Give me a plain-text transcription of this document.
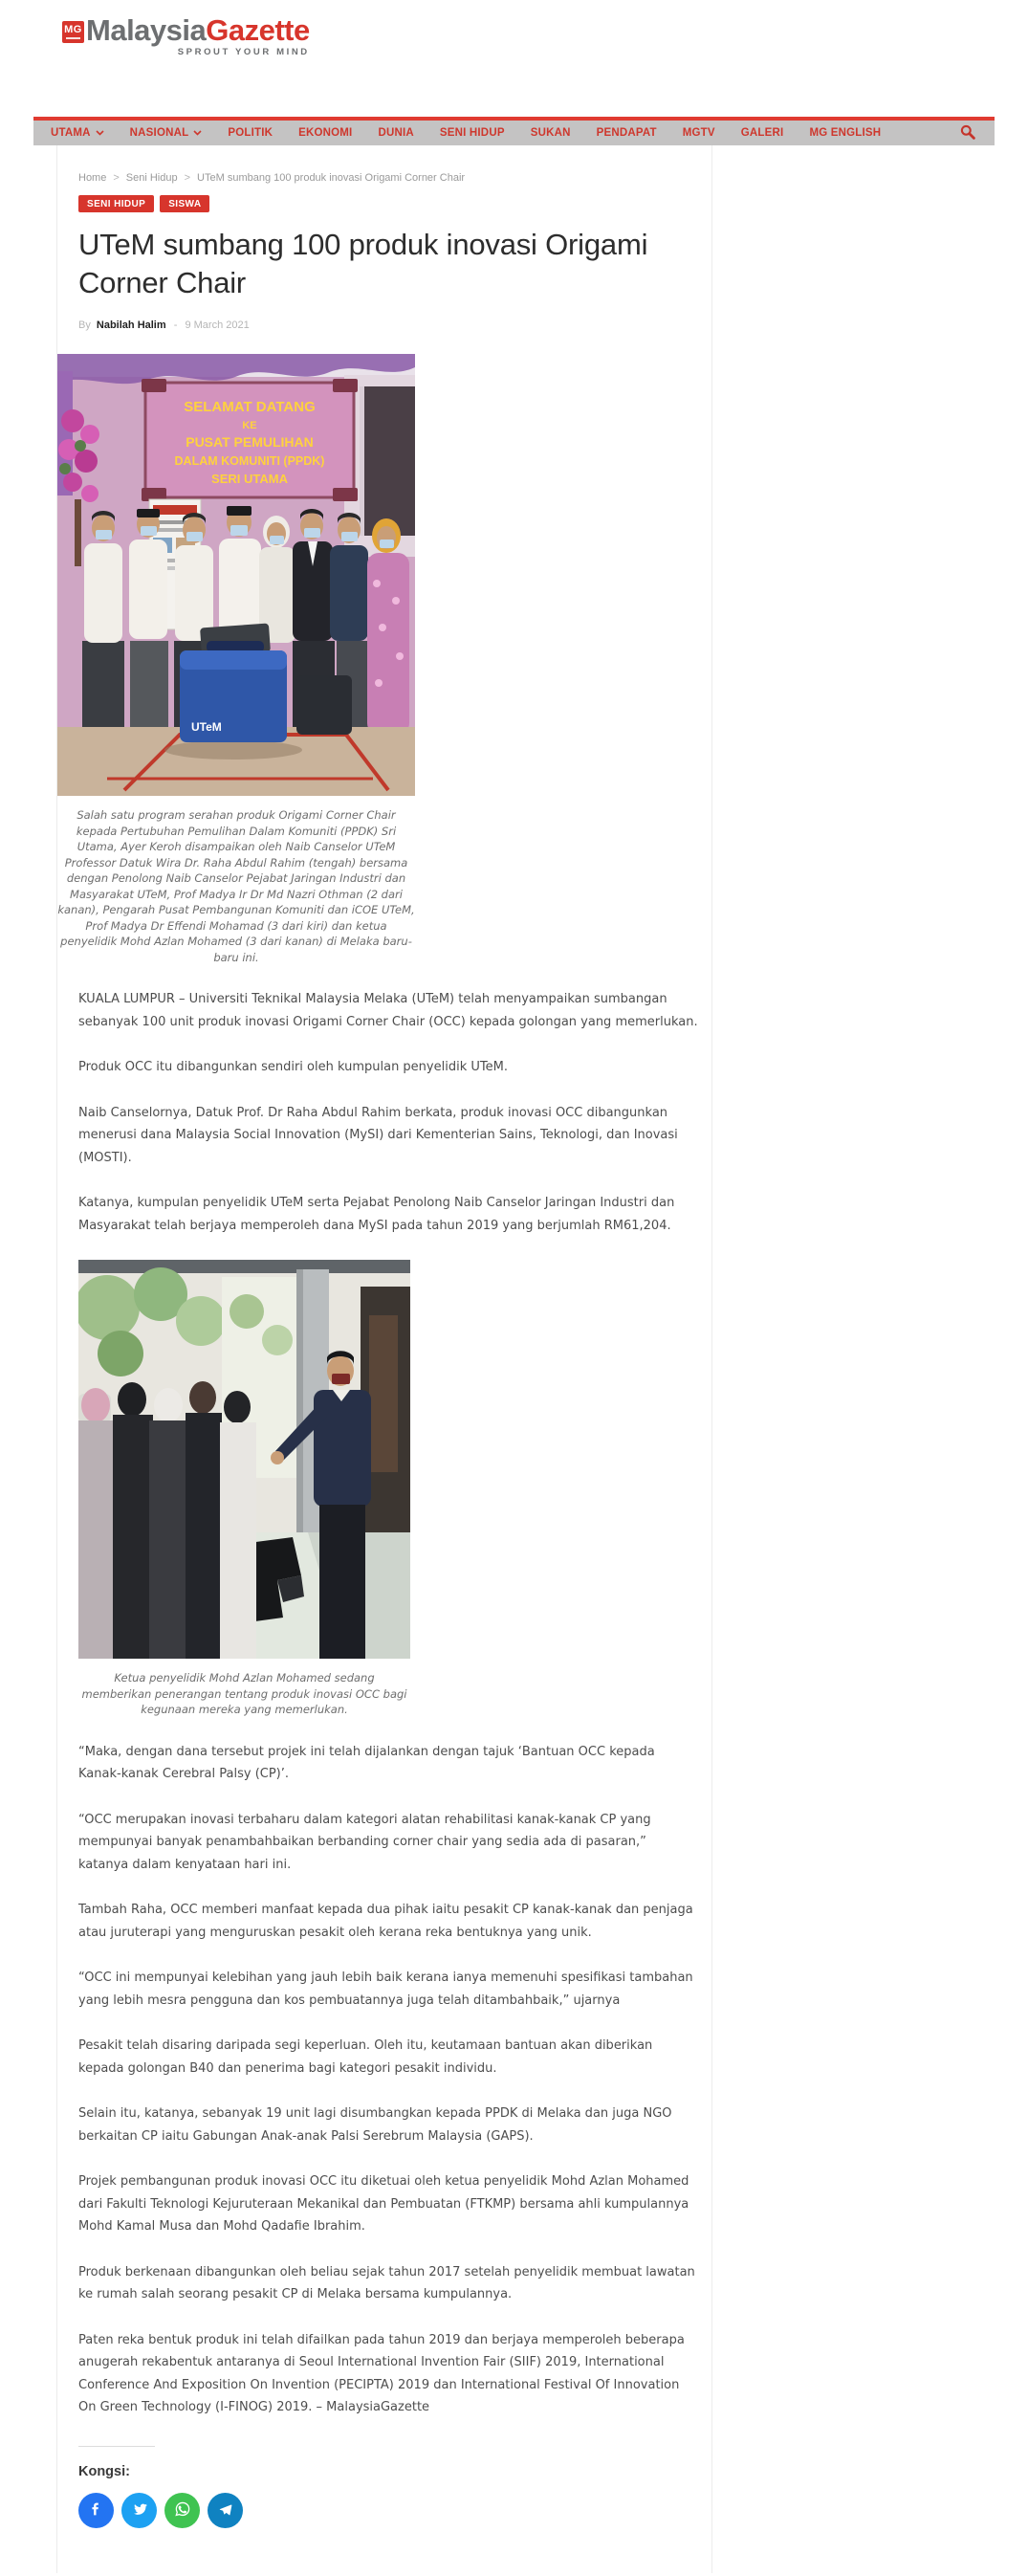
MG MalaysiaGazette
SPROUT YOUR MIND
UTAMA	NASIONAL	POLITIK EKONOMI DUNIA SENI HIDUP SUKAN PENDAPAT MGTV GALERI MG ENGLISH
Home > Seni Hidup > UTeM sumbang 100 produk inovasi Origami Corner Chair
SENI HIDUP	SISWA
UTeM sumbang 100 produk inovasi Origami Corner Chair
By Nabilah Halim - 9 March 2021
SELAMAT DATANG
KE
PUSAT PEMULIHAN
DALAM KOMUNITI (PPDK)
SERI UTAMA
UTeM
Salah satu program serahan produk Origami Corner Chair kepada Pertubuhan Pemulihan Dalam Komuniti (PPDK) Sri Utama, Ayer Keroh disampaikan oleh Naib Canselor UTeM Professor Datuk Wira Dr. Raha Abdul Rahim (tengah) bersama dengan Penolong Naib Canselor Pejabat Jaringan Industri dan Masyarakat UTeM, Prof Madya Ir Dr Md Nazri Othman (2 dari kanan), Pengarah Pusat Pembangunan Komuniti dan iCOE UTeM, Prof Madya Dr Effendi Mohamad (3 dari kiri) dan ketua penyelidik Mohd Azlan Mohamed (3 dari kanan) di Melaka baru-baru ini.

KUALA LUMPUR – Universiti Teknikal Malaysia Melaka (UTeM) telah menyampaikan sumbangan sebanyak 100 unit produk inovasi Origami Corner Chair (OCC) kepada golongan yang memerlukan.

Produk OCC itu dibangunkan sendiri oleh kumpulan penyelidik UTeM.

Naib Canselornya, Datuk Prof. Dr Raha Abdul Rahim berkata, produk inovasi OCC dibangunkan menerusi dana Malaysia Social Innovation (MySI) dari Kementerian Sains, Teknologi, dan Inovasi (MOSTI).

Katanya, kumpulan penyelidik UTeM serta Pejabat Penolong Naib Canselor Jaringan Industri dan Masyarakat telah berjaya memperoleh dana MySI pada tahun 2019 yang berjumlah RM61,204.

Ketua penyelidik Mohd Azlan Mohamed sedang memberikan penerangan tentang produk inovasi OCC bagi kegunaan mereka yang memerlukan.

“Maka, dengan dana tersebut projek ini telah dijalankan dengan tajuk ‘Bantuan OCC kepada Kanak-kanak Cerebral Palsy (CP)’.

“OCC merupakan inovasi terbaharu dalam kategori alatan rehabilitasi kanak-kanak CP yang mempunyai banyak penambahbaikan berbanding corner chair yang sedia ada di pasaran,” katanya dalam kenyataan hari ini.

Tambah Raha, OCC memberi manfaat kepada dua pihak iaitu pesakit CP kanak-kanak dan penjaga atau juruterapi yang menguruskan pesakit oleh kerana reka bentuknya yang unik.

“OCC ini mempunyai kelebihan yang jauh lebih baik kerana ianya memenuhi spesifikasi tambahan yang lebih mesra pengguna dan kos pembuatannya juga telah ditambahbaik,” ujarnya

Pesakit telah disaring daripada segi keperluan. Oleh itu, keutamaan bantuan akan diberikan kepada golongan B40 dan penerima bagi kategori pesakit individu.

Selain itu, katanya, sebanyak 19 unit lagi disumbangkan kepada PPDK di Melaka dan juga NGO berkaitan CP iaitu Gabungan Anak-anak Palsi Serebrum Malaysia (GAPS).

Projek pembangunan produk inovasi OCC itu diketuai oleh ketua penyelidik Mohd Azlan Mohamed dari Fakulti Teknologi Kejuruteraan Mekanikal dan Pembuatan (FTKMP) bersama ahli kumpulannya Mohd Kamal Musa dan Mohd Qadafie Ibrahim.

Produk berkenaan dibangunkan oleh beliau sejak tahun 2017 setelah penyelidik membuat lawatan ke rumah salah seorang pesakit CP di Melaka bersama kumpulannya.

Paten reka bentuk produk ini telah difailkan pada tahun 2019 dan berjaya memperoleh beberapa anugerah rekabentuk antaranya di Seoul International Invention Fair (SIIF) 2019, International Conference And Exposition On Invention (PECIPTA) 2019 dan International Festival Of Innovation On Green Technology (I-FINOG) 2019. – MalaysiaGazette

Kongsi:
